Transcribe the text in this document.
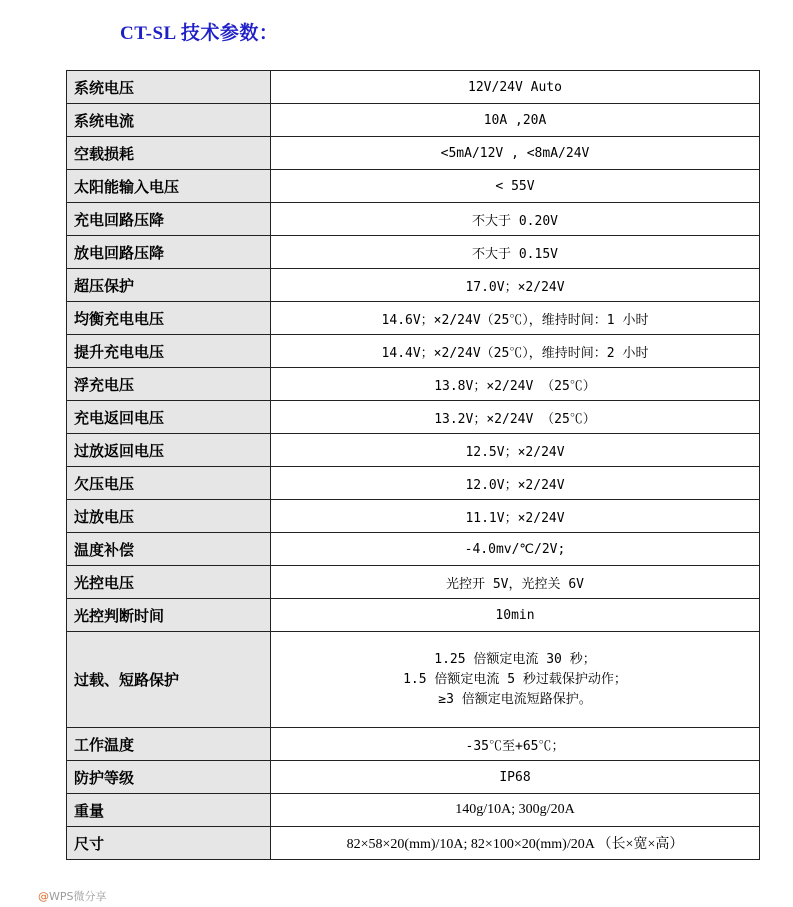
CT-SL 技术参数：
系统电压	12V/24V Auto
系统电流	10A ,20A
空载损耗	<5mA/12V , <8mA/24V
太阳能输入电压	< 55V
充电回路压降	不大于 0.20V
放电回路压降	不大于 0.15V
超压保护	17.0V；×2/24V
均衡充电电压	14.6V；×2/24V（25℃），维持时间：1 小时
提升充电电压	14.4V；×2/24V（25℃），维持时间：2 小时
浮充电压	13.8V；×2/24V （25℃）
充电返回电压	13.2V；×2/24V （25℃）
过放返回电压	12.5V；×2/24V
欠压电压	12.0V；×2/24V
过放电压	11.1V；×2/24V
温度补偿	-4.0mv/℃/2V;
光控电压	光控开 5V，光控关 6V
光控判断时间	10min
过载、短路保护	1.25 倍额定电流 30 秒；
1.5 倍额定电流 5 秒过载保护动作；
≥3 倍额定电流短路保护。

工作温度	-35℃至+65℃；
防护等级	IP68
重量	140g/10A; 300g/20A
尺寸	82×58×20(mm)/10A; 82×100×20(mm)/20A （长×宽×高）
@WPS微分享
